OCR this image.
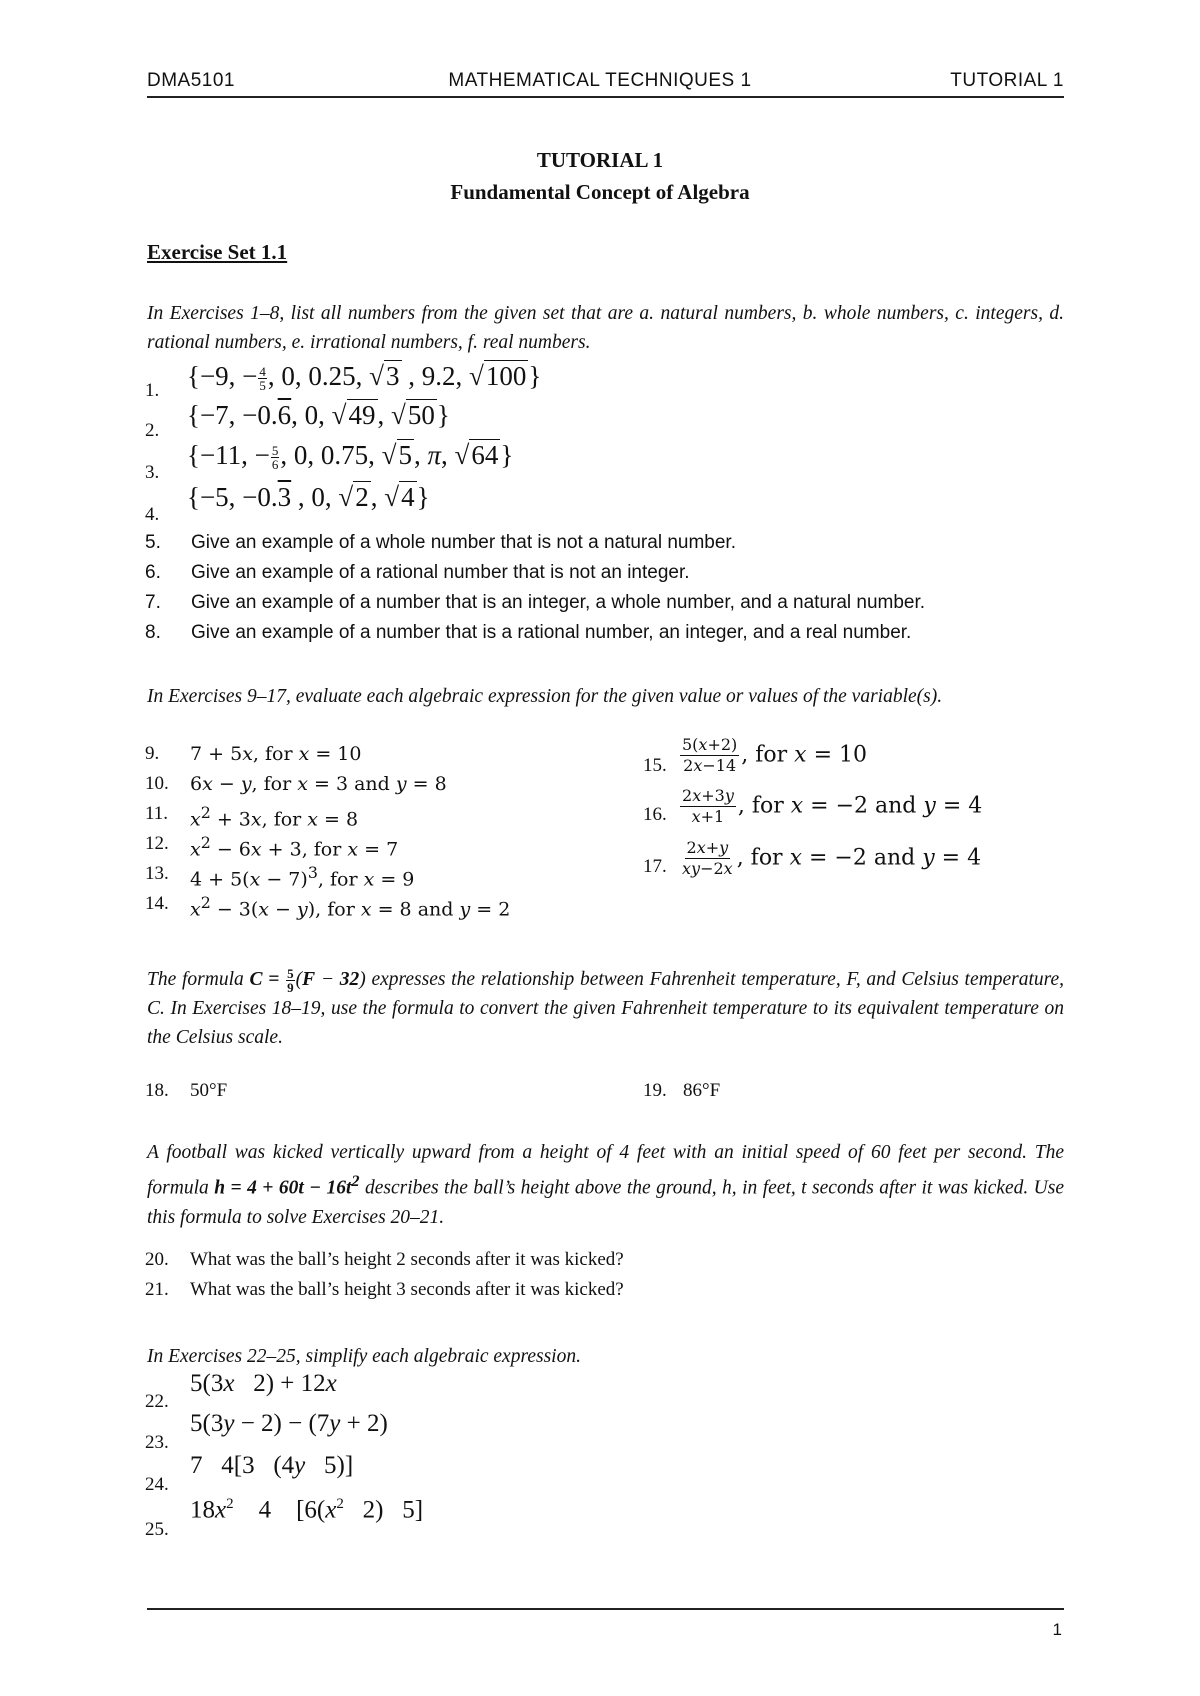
DMA5101	MATHEMATICAL TECHNIQUES 1	TUTORIAL 1
TUTORIAL 1
Fundamental Concept of Algebra
Exercise Set 1.1
In Exercises 1–8, list all numbers from the given set that are a. natural numbers, b. whole numbers, c. integers, d. rational numbers, e. irrational numbers, f. real numbers.
1. {−9, − $\frac{4}{5}$ , 0, 0.25, √3 , 9.2, √100}
2.
{−7, −0.6, 0, √49, √50}
3.
{−11, − $\frac{5}{6}$ , 0, 0.75, √5, π, √64}
4.
{−5, −0.3 , 0, √2, √4}
5. Give an example of a whole number that is not a natural number.
6. Give an example of a rational number that is not an integer.
7. Give an example of a number that is an integer, a whole number, and a natural number.
8. Give an example of a number that is a rational number, an integer, and a real number.
In Exercises 9–17, evaluate each algebraic expression for the given value or values of the variable(s).
9. 7 + 5x, for x = 10
10. 6x − y, for x = 3 and y = 8
11. $x^2 + 3x$, for x = 8
12. $x^2 - 6x + 3$, for x = 7
13. $4 + 5(x - 7)^3$, for x = 9
14. $x^2 - 3(x - y)$, for x = 8 and y = 2
15. $\frac{5(x+2)}{2x-14}$ , for x = 10
16. $\frac{2x+3y}{x+1}$ , for x = −2 and y = 4
17. $\frac{2x+y}{xy-2x}$ , for x = −2 and y = 4
The formula $C = \frac{5}{9} (F - 32)$ expresses the relationship between Fahrenheit temperature, F, and Celsius temperature, C. In Exercises 18–19, use the formula to convert the given Fahrenheit temperature to its equivalent temperature on the Celsius scale.
18. 50°F	19. 86°F
A football was kicked vertically upward from a height of 4 feet with an initial speed of 60 feet per second. The formula $h = 4 + 60t - 16t^2$ describes the ball’s height above the ground, h, in feet, t seconds after it was kicked. Use this formula to solve Exercises 20–21.
20. What was the ball’s height 2 seconds after it was kicked?
21. What was the ball’s height 3 seconds after it was kicked?
In Exercises 22–25, simplify each algebraic expression.
22.
5(3x   2) + 12x
23.
5(3y − 2) − (7y + 2)
24.
7   4[3   (4y   5)]
25.
$18x^2$    4    [$6(x^2$   2)   5]
1
